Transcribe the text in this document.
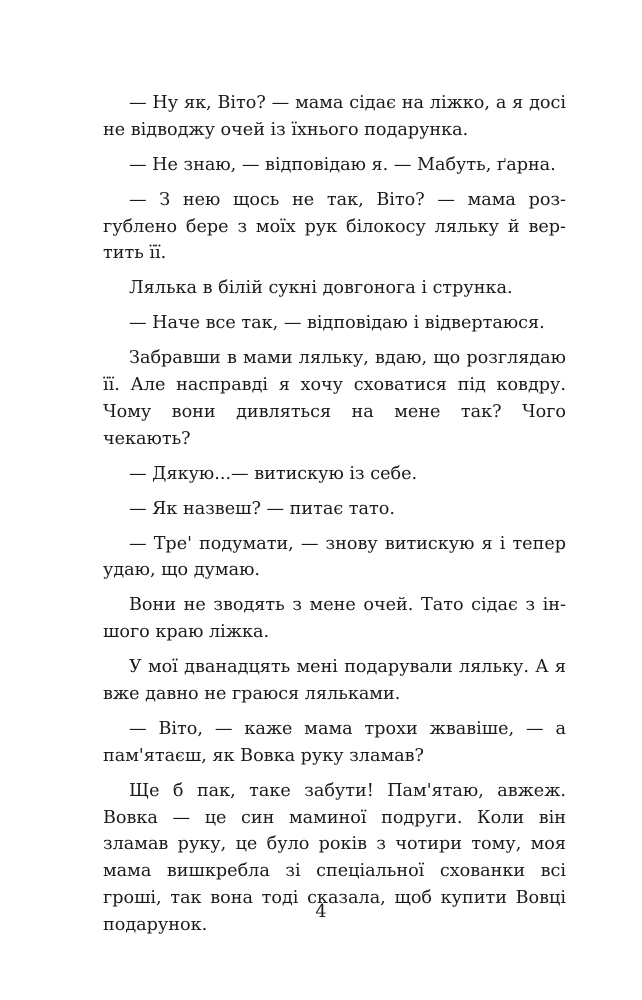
— Ну як, Віто? — мама сідає на ліжко, а я досі не відводжу очей із їхнього подарунка.

— Не знаю, — відповідаю я. — Мабуть, ґарна.

— З нею щось не так, Віто? — мама розгублено бере з моїх рук білокосу ляльку й вертить її.

Лялька в білій сукні довгонога і струнка.

— Наче все так, — відповідаю і відвертаюся.

Забравши в мами ляльку, вдаю, що розглядаю її. Але насправді я хочу сховатися під ковдру. Чому вони дивляться на мене так? Чого чекають?

— Дякую...— витискую із себе.

— Як назвеш? — питає тато.

— Тре' подумати, — знову витискую я і тепер удаю, що думаю.

Вони не зводять з мене очей. Тато сідає з іншого краю ліжка.

У мої дванадцять мені подарували ляльку. А я вже давно не граюся ляльками.

— Віто, — каже мама трохи жвавіше, — а пам'ятаєш, як Вовка руку зламав?

Ще б пак, таке забути! Пам'ятаю, авжеж. Вовка — це син маминої подруги. Коли він зламав руку, це було років з чотири тому, моя мама вишкребла зі спеціальної схованки всі гроші, так вона тоді сказала, щоб купити Вовці подарунок.

4
